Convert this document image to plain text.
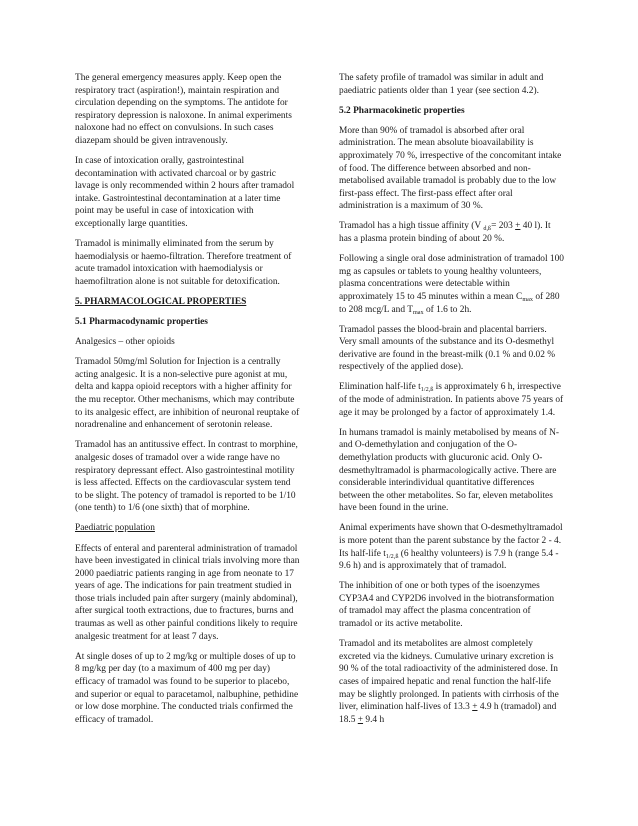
The general emergency measures apply. Keep open the respiratory tract (aspiration!), maintain respiration and circulation depending on the symptoms. The antidote for respiratory depression is naloxone. In animal experiments naloxone had no effect on convulsions. In such cases diazepam should be given intravenously.

In case of intoxication orally, gastrointestinal decontamination with activated charcoal or by gastric lavage is only recommended within 2 hours after tramadol intake. Gastrointestinal decontamination at a later time point may be useful in case of intoxication with exceptionally large quantities.

Tramadol is minimally eliminated from the serum by haemodialysis or haemo-filtration. Therefore treatment of acute tramadol intoxication with haemodialysis or haemofiltration alone is not suitable for detoxification.

5. PHARMACOLOGICAL PROPERTIES

5.1 Pharmacodynamic properties

Analgesics – other opioids

Tramadol 50mg/ml Solution for Injection is a centrally acting analgesic. It is a non-selective pure agonist at mu, delta and kappa opioid receptors with a higher affinity for the mu receptor. Other mechanisms, which may contribute to its analgesic effect, are inhibition of neuronal reuptake of noradrenaline and enhancement of serotonin release.

Tramadol has an antitussive effect. In contrast to morphine, analgesic doses of tramadol over a wide range have no respiratory depressant effect. Also gastrointestinal motility is less affected. Effects on the cardiovascular system tend to be slight. The potency of tramadol is reported to be 1/10 (one tenth) to 1/6 (one sixth) that of morphine.

Paediatric population

Effects of enteral and parenteral administration of tramadol have been investigated in clinical trials involving more than 2000 paediatric patients ranging in age from neonate to 17 years of age. The indications for pain treatment studied in those trials included pain after surgery (mainly abdominal), after surgical tooth extractions, due to fractures, burns and traumas as well as other painful conditions likely to require analgesic treatment for at least 7 days.

At single doses of up to 2 mg/kg or multiple doses of up to 8 mg/kg per day (to a maximum of 400 mg per day) efficacy of tramadol was found to be superior to placebo, and superior or equal to paracetamol, nalbuphine, pethidine or low dose morphine. The conducted trials confirmed the efficacy of tramadol.

The safety profile of tramadol was similar in adult and paediatric patients older than 1 year (see section 4.2).

5.2 Pharmacokinetic properties

More than 90% of tramadol is absorbed after oral administration. The mean absolute bioavailability is approximately 70 %, irrespective of the concomitant intake of food. The difference between absorbed and non-metabolised available tramadol is probably due to the low first-pass effect. The first-pass effect after oral administration is a maximum of 30 %.

Tramadol has a high tissue affinity (V $_{d,ß}$= 203 + 40 l). It has a plasma protein binding of about 20 %.

Following a single oral dose administration of tramadol 100 mg as capsules or tablets to young healthy volunteers, plasma concentrations were detectable within approximately 15 to 45 minutes within a mean $C_{max}$ of 280 to 208 mcg/L and $T_{max}$ of 1.6 to 2h.

Tramadol passes the blood-brain and placental barriers. Very small amounts of the substance and its O-desmethyl derivative are found in the breast-milk (0.1 % and 0.02 % respectively of the applied dose).

Elimination half-life $t_{1/2,ß}$ is approximately 6 h, irrespective of the mode of administration. In patients above 75 years of age it may be prolonged by a factor of approximately 1.4.

In humans tramadol is mainly metabolised by means of N- and O-demethylation and conjugation of the O-demethylation products with glucuronic acid. Only O-desmethyltramadol is pharmacologically active. There are considerable interindividual quantitative differences between the other metabolites. So far, eleven metabolites have been found in the urine.

Animal experiments have shown that O-desmethyltramadol is more potent than the parent substance by the factor 2 - 4. Its half-life $t_{1/2,ß}$ (6 healthy volunteers) is 7.9 h (range 5.4 - 9.6 h) and is approximately that of tramadol.

The inhibition of one or both types of the isoenzymes CYP3A4 and CYP2D6 involved in the biotransformation of tramadol may affect the plasma concentration of tramadol or its active metabolite.

Tramadol and its metabolites are almost completely excreted via the kidneys. Cumulative urinary excretion is 90 % of the total radioactivity of the administered dose. In cases of impaired hepatic and renal function the half-life may be slightly prolonged. In patients with cirrhosis of the liver, elimination half-lives of 13.3 + 4.9 h (tramadol) and 18.5 + 9.4 h
